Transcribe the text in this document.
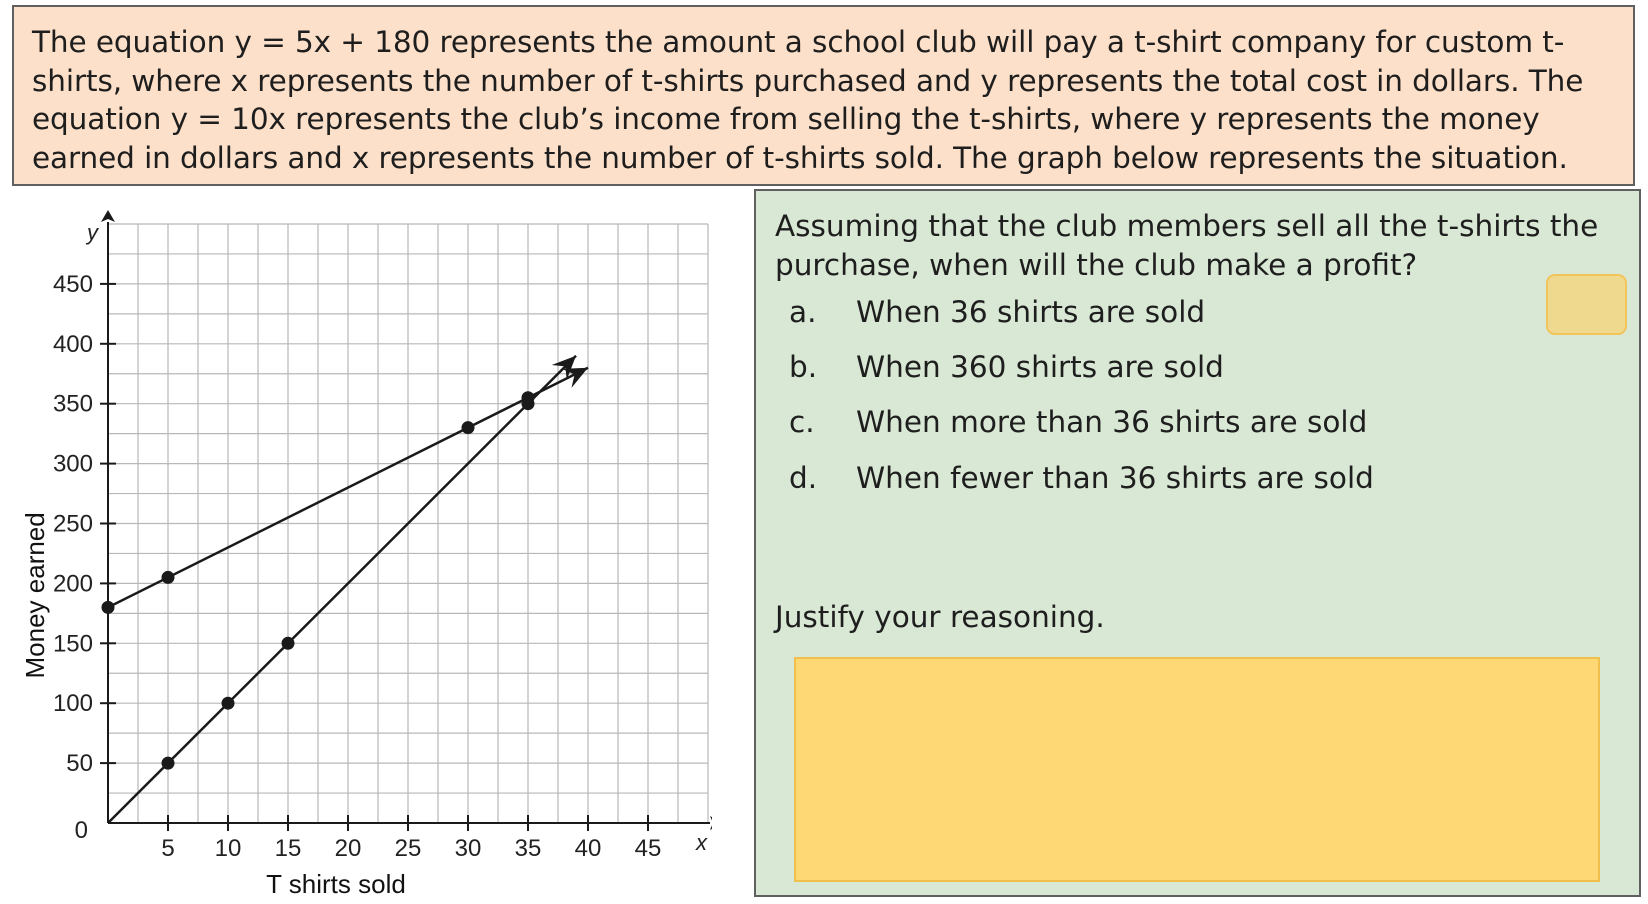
The equation y = 5x + 180 represents the amount a school club will pay a t-shirt company for custom t-shirts, where x represents the number of t-shirts purchased and y represents the total cost in dollars. The equation y = 10x represents the club’s income from selling the t-shirts, where y represents the money earned in dollars and x represents the number of t-shirts sold. The graph below represents the situation.

5 10 15 20 25 30 35 40 45
50
100
150
200
250
300
350
400
450
0	x
y
T shirts sold
Money earned

Assuming that the club members sell all the t-shirts the purchase, when will the club make a profit?

a. When 36 shirts are sold
b. When 360 shirts are sold
c. When more than 36 shirts are sold
d. When fewer than 36 shirts are sold
Justify your reasoning.
